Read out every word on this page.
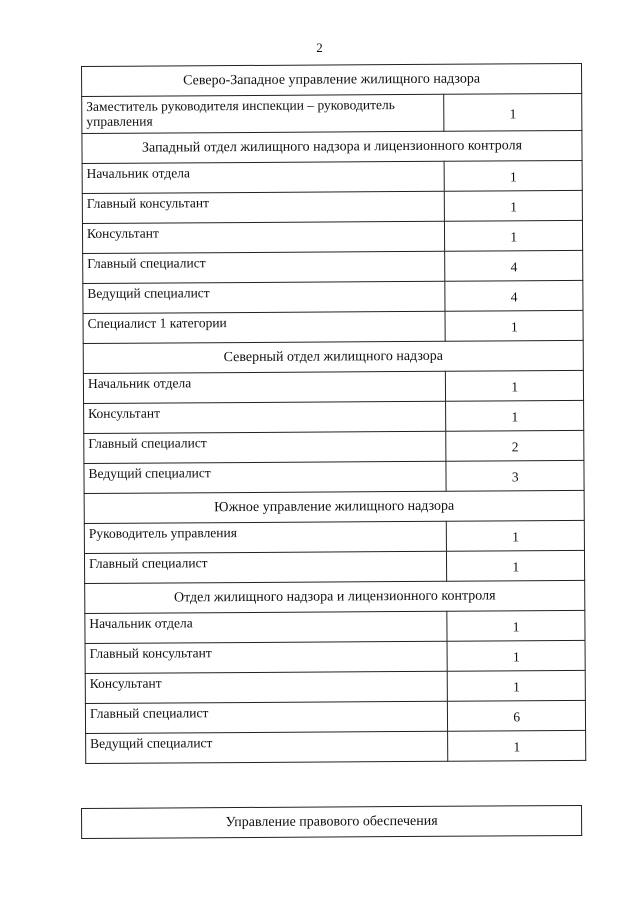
2
Северо-Западное управление жилищного надзора	
Заместитель руководителя инспекции – руководитель управления	1
Западный отдел жилищного надзора и лицензионного контроля	
Начальник отдела	1
Главный консультант	1
Консультант	1
Главный специалист	4
Ведущий специалист	4
Специалист 1 категории	1
Северный отдел жилищного надзора	
Начальник отдела	1
Консультант	1
Главный специалист	2
Ведущий специалист	3
Южное управление жилищного надзора	
Руководитель управления	1
Главный специалист	1
Отдел жилищного надзора и лицензионного контроля	
Начальник отдела	1
Главный консультант	1
Консультант	1
Главный специалист	6
Ведущий специалист	1
Управление правового обеспечения
